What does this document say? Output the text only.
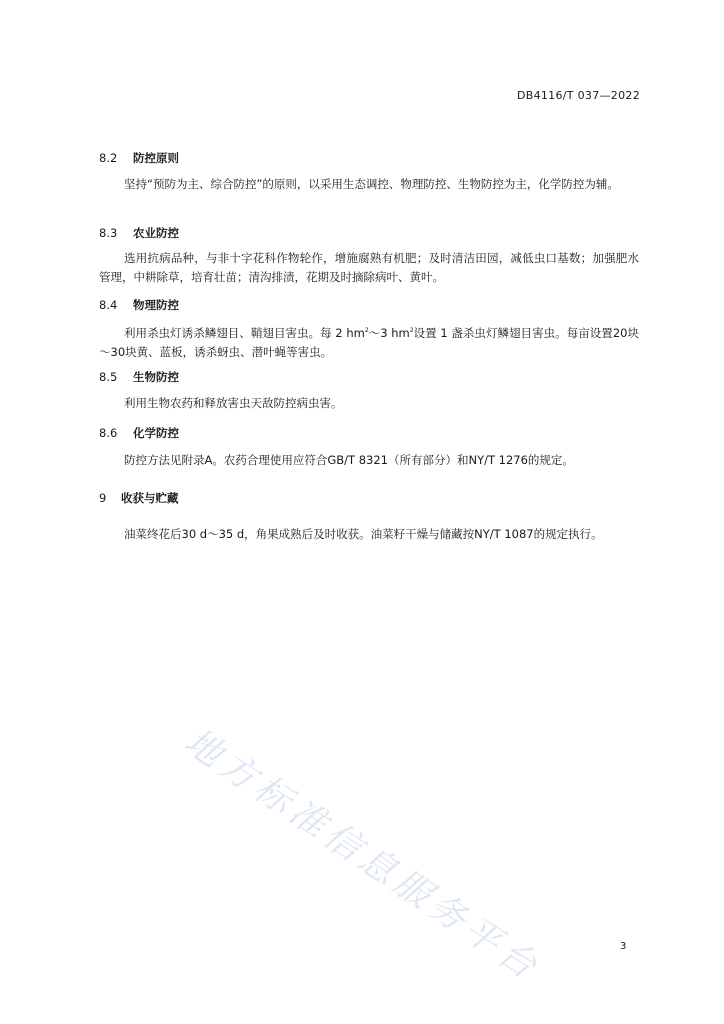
DB4116/T 037—2022
8.2 防控原则
坚持“预防为主、综合防控”的原则，以采用生态调控、物理防控、生物防控为主，化学防控为辅。
8.3 农业防控
选用抗病品种，与非十字花科作物轮作，增施腐熟有机肥；及时清洁田园，减低虫口基数；加强肥水管理，中耕除草，培育壮苗；清沟排渍，花期及时摘除病叶、黄叶。
8.4 物理防控
利用杀虫灯诱杀鳞翅目、鞘翅目害虫。每 2 $hm^2\sim 3$ $hm^2$设置 1 盏杀虫灯鳞翅目害虫。每亩设置20块～30块黄、蓝板，诱杀蚜虫、潜叶蝇等害虫。
8.5 生物防控
利用生物农药和释放害虫天敌防控病虫害。
8.6 化学防控
防控方法见附录A。农药合理使用应符合GB/T 8321（所有部分）和NY/T 1276的规定。
9 收获与贮藏
油菜终花后30 d～35 d，角果成熟后及时收获。油菜籽干燥与储藏按NY/T 1087的规定执行。
地方标准信息服务平台	3
